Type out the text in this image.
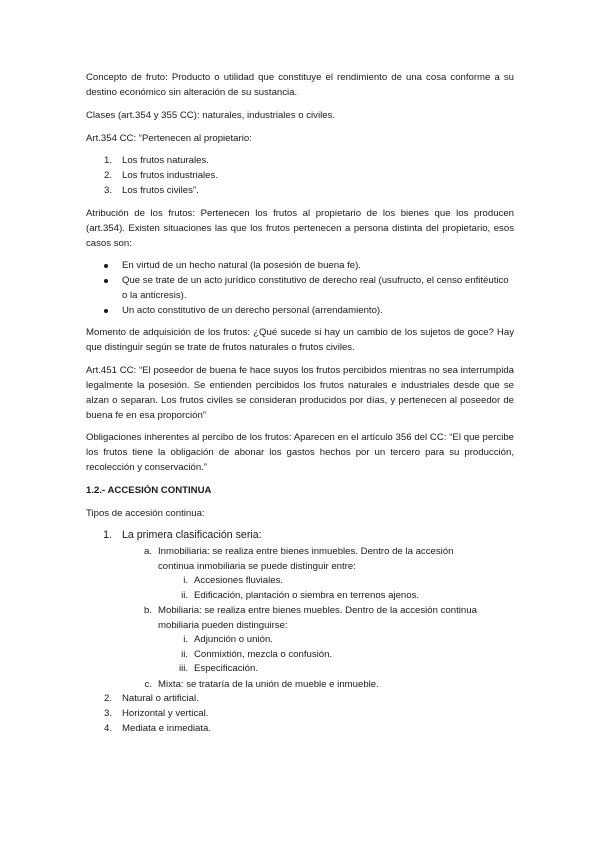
Concepto de fruto: Producto o utilidad que constituye el rendimiento de una cosa conforme a su destino económico sin alteración de su sustancia.

Clases (art.354 y 355 CC): naturales, industriales o civiles.

Art.354 CC: “Pertenecen al propietario:

1. Los frutos naturales.
2. Los frutos industriales.
3. Los frutos civiles”.

Atribución de los frutos: Pertenecen los frutos al propietario de los bienes que los producen (art.354). Existen situaciones las que los frutos pertenecen a persona distinta del propietario, esos casos son:

En virtud de un hecho natural (la posesión de buena fe).

Que se trate de un acto jurídico constitutivo de derecho real (usufructo, el censo enfitéutico o la anticresis).

Un acto constitutivo de un derecho personal (arrendamiento).

Momento de adquisición de los frutos: ¿Qué sucede si hay un cambio de los sujetos de goce? Hay que distinguir según se trate de frutos naturales o frutos civiles.

Art.451 CC: “El poseedor de buena fe hace suyos los frutos percibidos mientras no sea interrumpida legalmente la posesión. Se entienden percibidos los frutos naturales e industriales desde que se alzan o separan. Los frutos civiles se consideran producidos por días, y pertenecen al poseedor de buena fe en esa proporción”

Obligaciones inherentes al percibo de los frutos: Aparecen en el artículo 356 del CC: “El que percibe los frutos tiene la obligación de abonar los gastos hechos por un tercero para su producción, recolección y conservación.”

1.2.- ACCESIÓN CONTINUA

Tipos de accesión continua:

1. La primera clasificación seria:
a. Inmobiliaria: se realiza entre bienes inmuebles. Dentro de la accesión continua inmobiliaria se puede distinguir entre:

i. Accesiones fluviales.
ii. Edificación, plantación o siembra en terrenos ajenos.
b. Mobiliaria: se realiza entre bienes muebles. Dentro de la accesión continua mobiliaria pueden distinguirse:

i. Adjunción o unión.
ii. Conmixtión, mezcla o confusión.
iii. Especificación.
c. Mixta: se trataría de la unión de mueble e inmueble.
2. Natural o artificial.
3. Horizontal y vertical.
4. Mediata e inmediata.
